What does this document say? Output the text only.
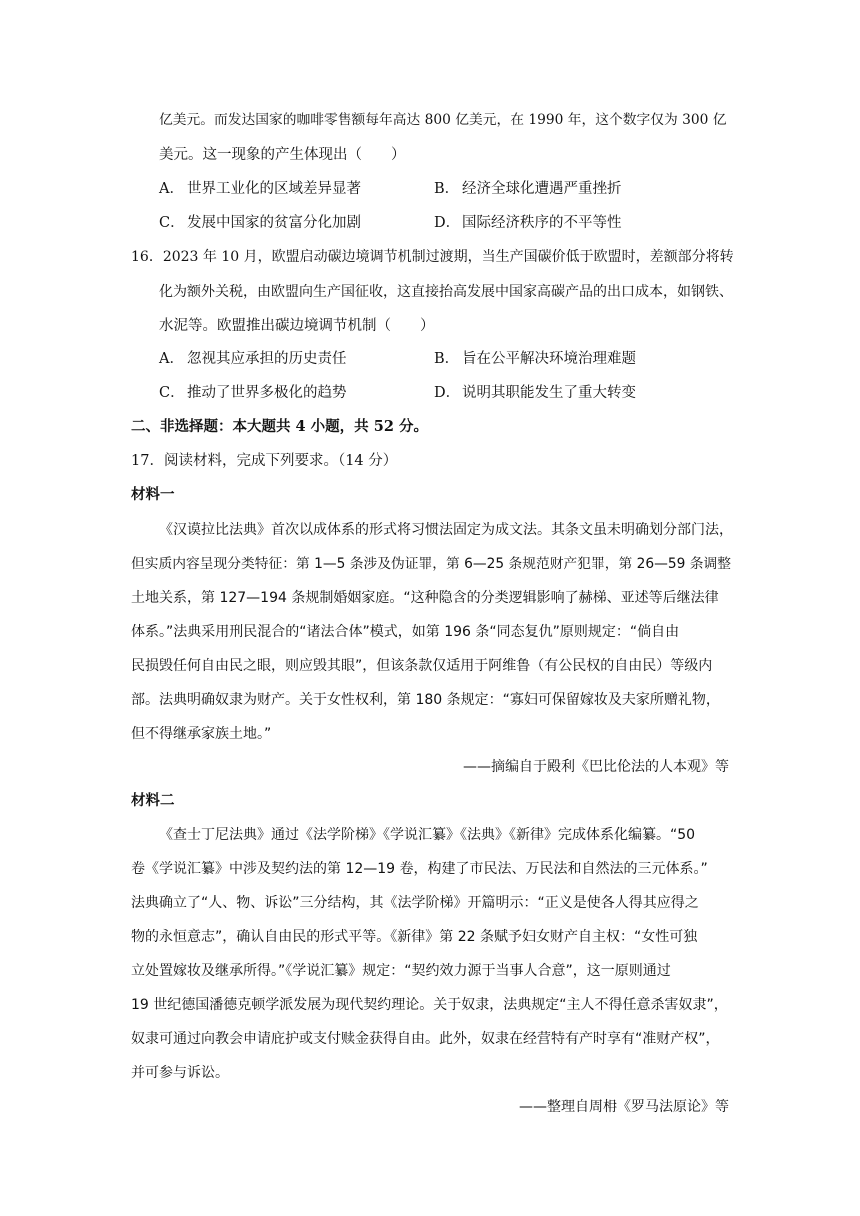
亿美元。而发达国家的咖啡零售额每年高达 800 亿美元，在 1990 年，这个数字仅为 300 亿
美元。这一现象的产生体现出（　　）
A． 世界工业化的区域差异显著	B． 经济全球化遭遇严重挫折
C． 发展中国家的贫富分化加剧	D． 国际经济秩序的不平等性
16．2023 年 10 月，欧盟启动碳边境调节机制过渡期，当生产国碳价低于欧盟时，差额部分将转
化为额外关税，由欧盟向生产国征收，这直接抬高发展中国家高碳产品的出口成本，如钢铁、
水泥等。欧盟推出碳边境调节机制（　　）
A． 忽视其应承担的历史责任	B． 旨在公平解决环境治理难题
C． 推动了世界多极化的趋势	D． 说明其职能发生了重大转变
二、非选择题：本大题共 4 小题，共 52 分。
17．阅读材料，完成下列要求。（14 分）
材料一
《汉谟拉比法典》首次以成体系的形式将习惯法固定为成文法。其条文虽未明确划分部门法，
但实质内容呈现分类特征：第 1—5 条涉及伪证罪，第 6—25 条规范财产犯罪，第 26—59 条调整
土地关系，第 127—194 条规制婚姻家庭。“这种隐含的分类逻辑影响了赫梯、亚述等后继法律
体系。”法典采用刑民混合的“诸法合体”模式，如第 196 条“同态复仇”原则规定：“倘自由
民损毁任何自由民之眼，则应毁其眼”，但该条款仅适用于阿维鲁（有公民权的自由民）等级内
部。法典明确奴隶为财产。关于女性权利，第 180 条规定：“寡妇可保留嫁妆及夫家所赠礼物，
但不得继承家族土地。”
——摘编自于殿利《巴比伦法的人本观》等
材料二
《查士丁尼法典》通过《法学阶梯》《学说汇纂》《法典》《新律》完成体系化编纂。“50
卷《学说汇纂》中涉及契约法的第 12—19 卷，构建了市民法、万民法和自然法的三元体系。”
法典确立了“人、物、诉讼”三分结构，其《法学阶梯》开篇明示：“正义是使各人得其应得之
物的永恒意志”，确认自由民的形式平等。《新律》第 22 条赋予妇女财产自主权：“女性可独
立处置嫁妆及继承所得。”《学说汇纂》规定：“契约效力源于当事人合意”，这一原则通过
19 世纪德国潘德克顿学派发展为现代契约理论。关于奴隶，法典规定“主人不得任意杀害奴隶”，
奴隶可通过向教会申请庇护或支付赎金获得自由。此外，奴隶在经营特有产时享有“准财产权”，
并可参与诉讼。
——整理自周枏《罗马法原论》等
